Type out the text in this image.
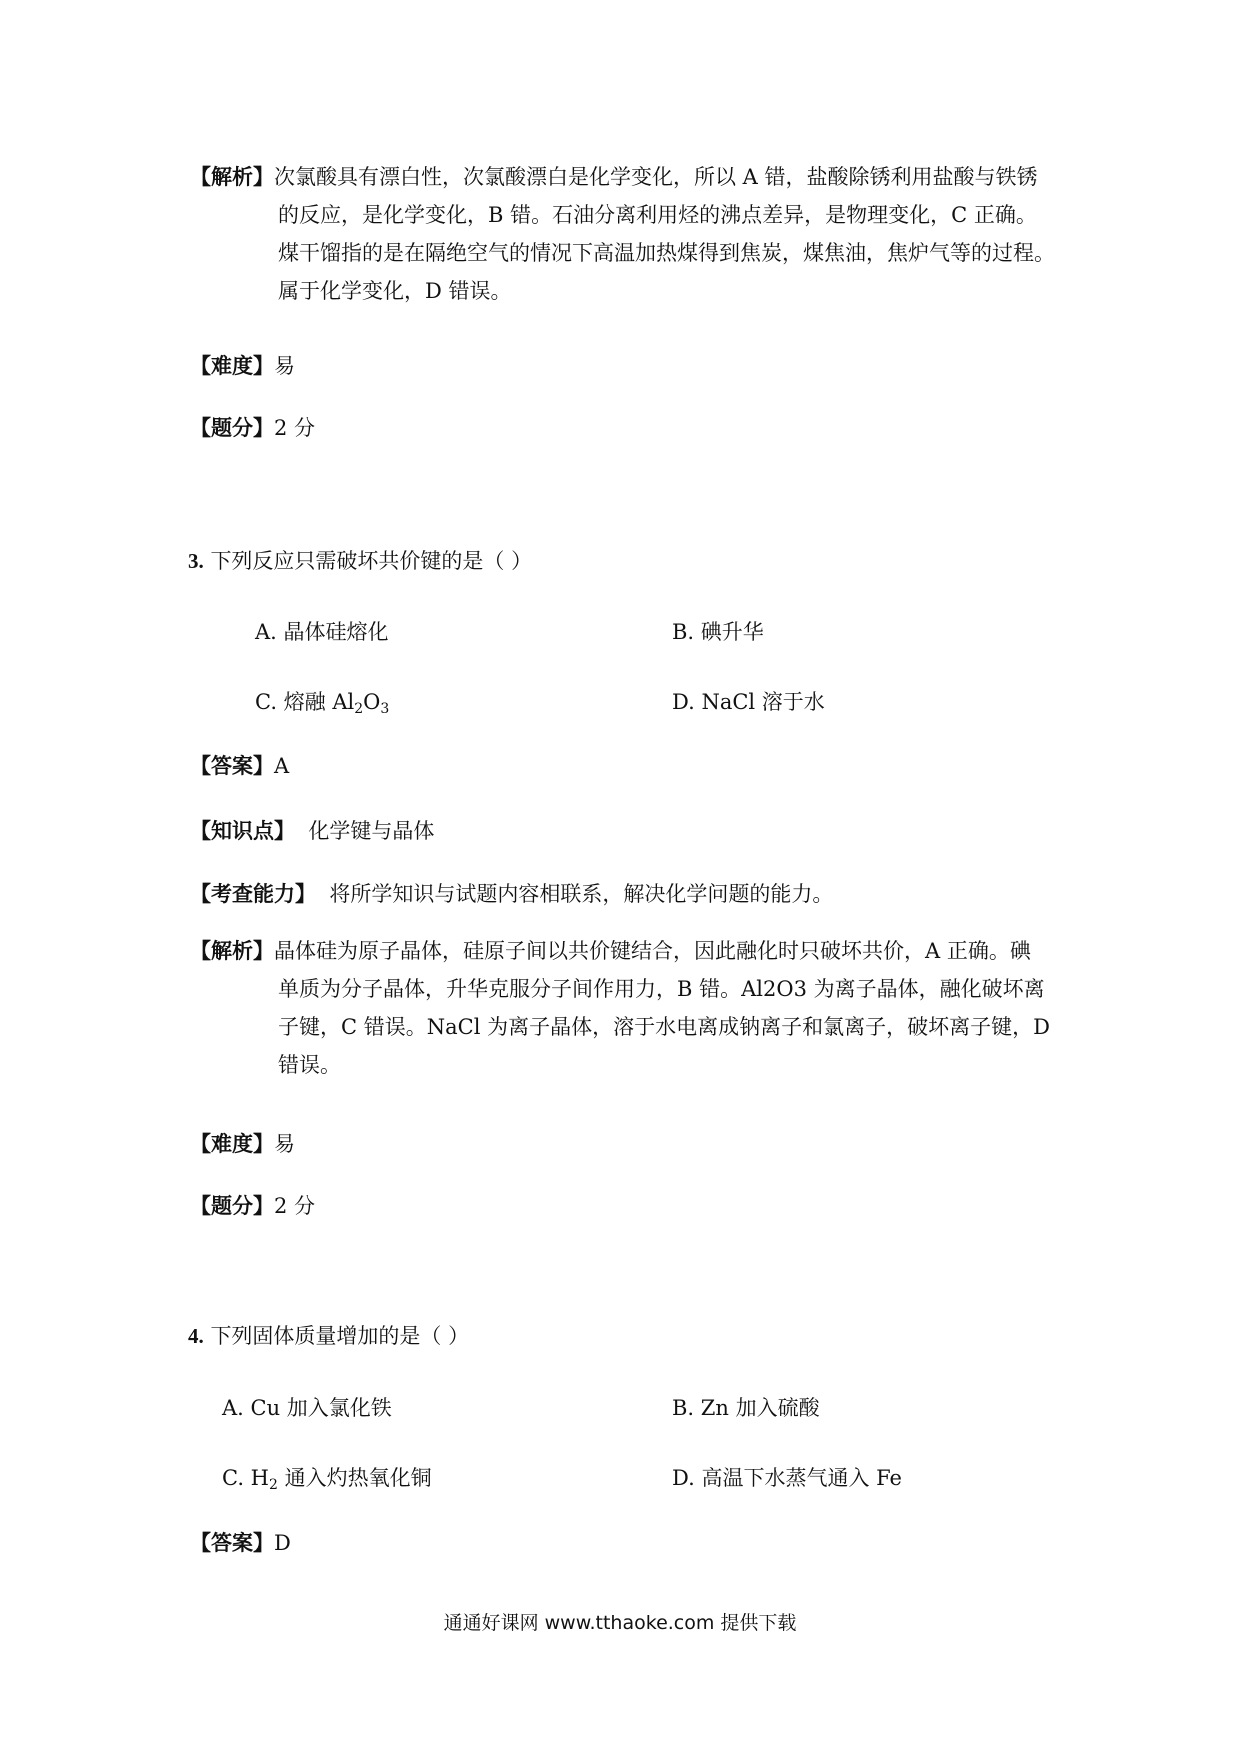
【解析】次氯酸具有漂白性，次氯酸漂白是化学变化，所以 A 错，盐酸除锈利用盐酸与铁锈
的反应，是化学变化，B 错。石油分离利用烃的沸点差异，是物理变化，C 正确。
煤干馏指的是在隔绝空气的情况下高温加热煤得到焦炭，煤焦油，焦炉气等的过程。
属于化学变化，D 错误。
【难度】易
【题分】2 分
3. 下列反应只需破坏共价键的是（ ）
A. 晶体硅熔化	B. 碘升华
C. 熔融 $Al_2O_3$	D. NaCl 溶于水
【答案】A
【知识点】 化学键与晶体
【考查能力】 将所学知识与试题内容相联系，解决化学问题的能力。
【解析】晶体硅为原子晶体，硅原子间以共价键结合，因此融化时只破坏共价，A 正确。碘
单质为分子晶体，升华克服分子间作用力，B 错。Al2O3 为离子晶体，融化破坏离
子键，C 错误。NaCl 为离子晶体，溶于水电离成钠离子和氯离子，破坏离子键，D
错误。
【难度】易
【题分】2 分
4. 下列固体质量增加的是（ ）
A. Cu 加入氯化铁	B. Zn 加入硫酸
C. $H_2$ 通入灼热氧化铜	D. 高温下水蒸气通入 Fe
【答案】D
通通好课网 www.tthaoke.com 提供下载
